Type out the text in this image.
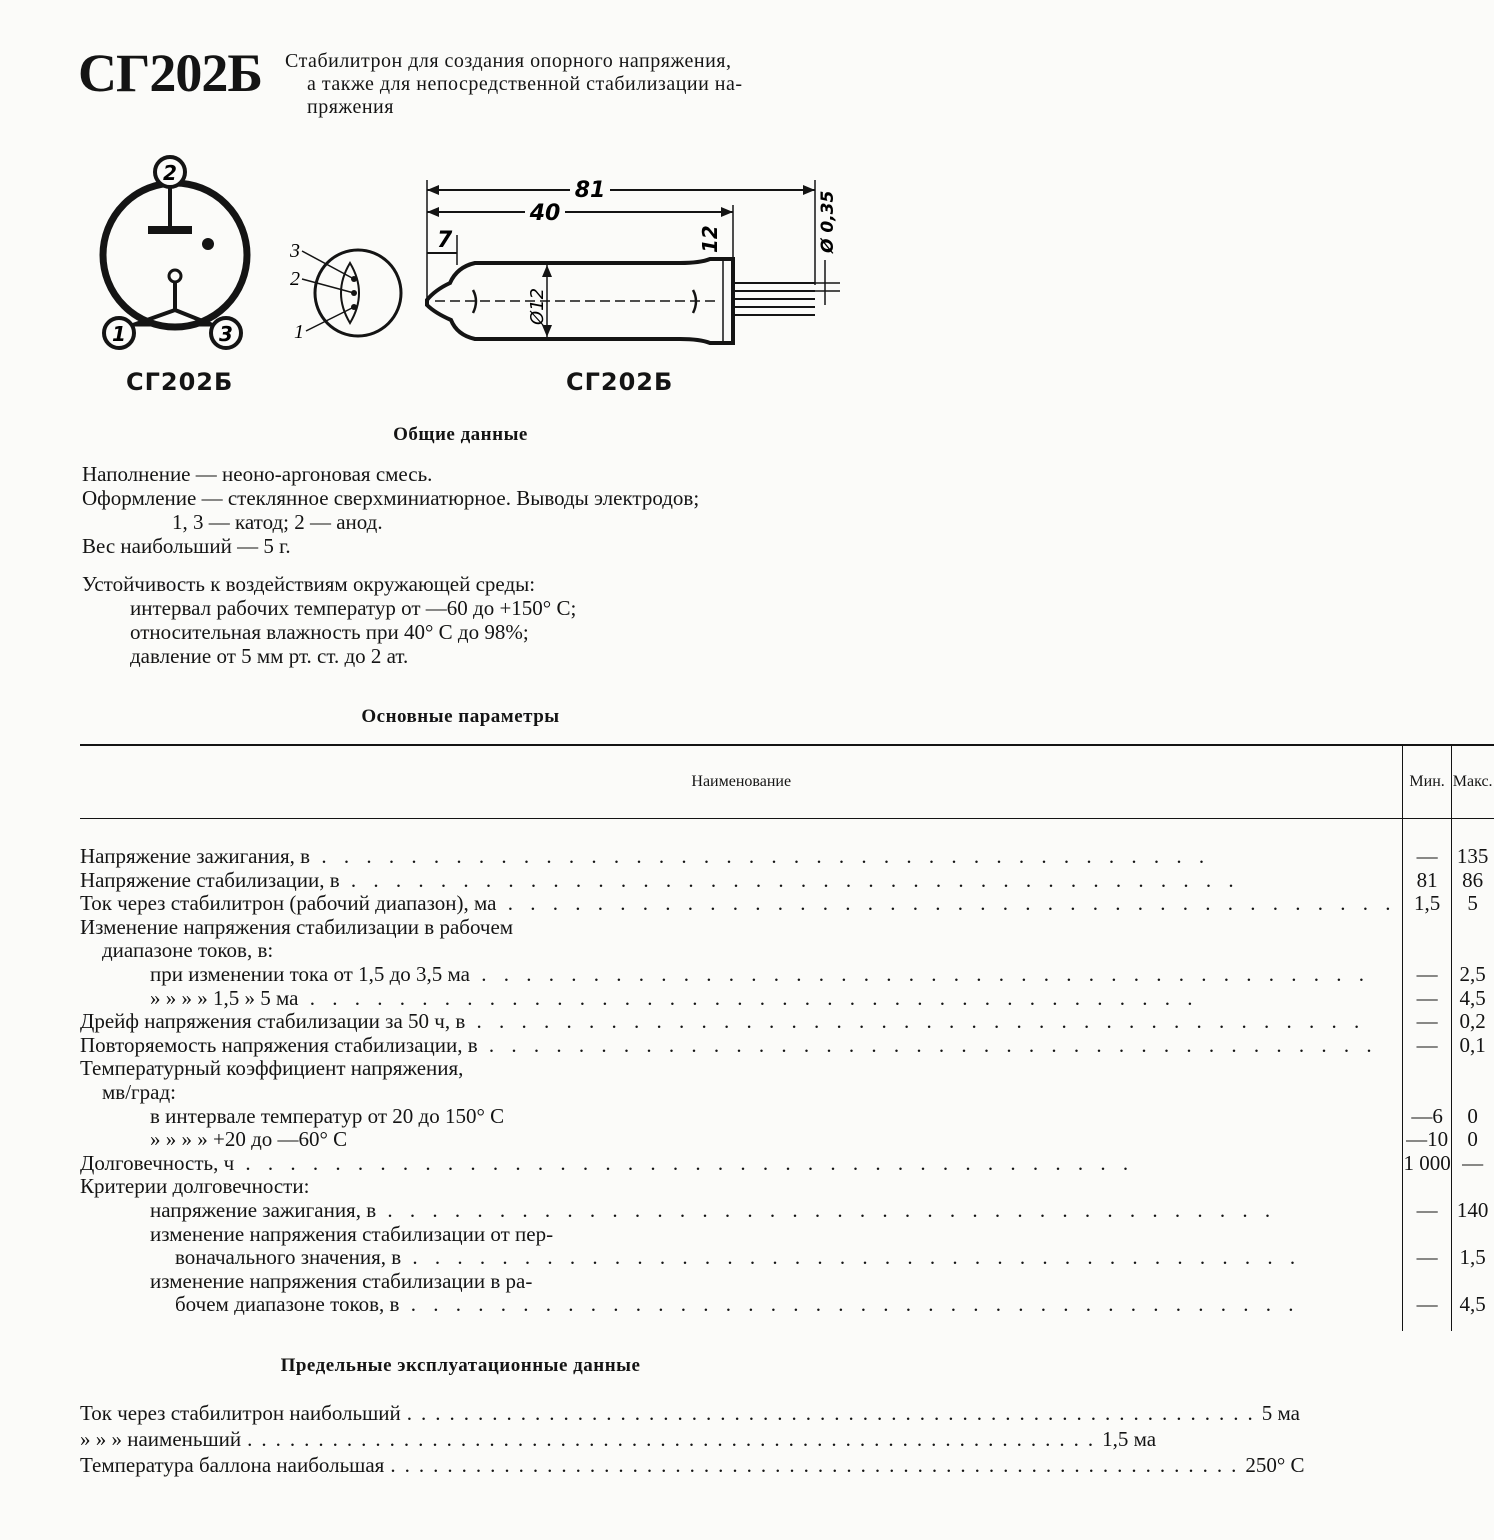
СГ202Б Стабилитрон для создания опорного напряжения,
а также для непосредственной стабилизации на-
пряжения
2
1	3
СГ202Б
3
2
1
81
40
7
Ø12
12	Ø 0,35
СГ202Б
Общие данные
Наполнение — неоно-аргоновая смесь.
Оформление — стеклянное сверхминиатюрное. Выводы электродов;
1, 3 — катод; 2 — анод.
Вес наибольший — 5 г.
Устойчивость к воздействиям окружающей среды:
интервал рабочих температур от —60 до +150° С;
относительная влажность при 40° С до 98%;
давление от 5 мм рт. ст. до 2 ат.
Основные параметры
Наименование	Мин.	Макс.

Напряжение зажигания, в . . . . . . . . . . . . . . . . . . . . . . . . . . . . . . . . . . . . . . . .	—	135

Напряжение стабилизации, в . . . . . . . . . . . . . . . . . . . . . . . . . . . . . . . . . . . . . . . .	81	86

Ток через стабилитрон (рабочий диапазон), ма . . . . . . . . . . . . . . . . . . . . . . . . . . . . . . . . . . . . . . . .	1,5	5

Изменение напряжения стабилизации в рабочем		

диапазоне токов, в:		

при изменении тока от 1,5 до 3,5 ма . . . . . . . . . . . . . . . . . . . . . . . . . . . . . . . . . . . . . . . .	—	2,5

» » » » 1,5 » 5 ма . . . . . . . . . . . . . . . . . . . . . . . . . . . . . . . . . . . . . . . .	—	4,5

Дрейф напряжения стабилизации за 50 ч, в . . . . . . . . . . . . . . . . . . . . . . . . . . . . . . . . . . . . . . . .	—	0,2

Повторяемость напряжения стабилизации, в . . . . . . . . . . . . . . . . . . . . . . . . . . . . . . . . . . . . . . . .	—	0,1

Температурный коэффициент напряжения,		

мв/град:		

в интервале температур от 20 до 150° С	—6	0

» » » » +20 до —60° С	—10	0

Долговечность, ч . . . . . . . . . . . . . . . . . . . . . . . . . . . . . . . . . . . . . . . .	1 000	—

Критерии долговечности:		

напряжение зажигания, в . . . . . . . . . . . . . . . . . . . . . . . . . . . . . . . . . . . . . . . .	—	140

изменение напряжения стабилизации от пер-		

воначального значения, в . . . . . . . . . . . . . . . . . . . . . . . . . . . . . . . . . . . . . . . .	—	1,5

изменение напряжения стабилизации в ра-		

бочем диапазоне токов, в . . . . . . . . . . . . . . . . . . . . . . . . . . . . . . . . . . . . . . . .	—	4,5

Предельные эксплуатационные данные
Ток через стабилитрон наибольший ............................................................ 5 ма
» » » наименьший ............................................................ 1,5 ма
Температура баллона наибольшая ............................................................ 250° С
